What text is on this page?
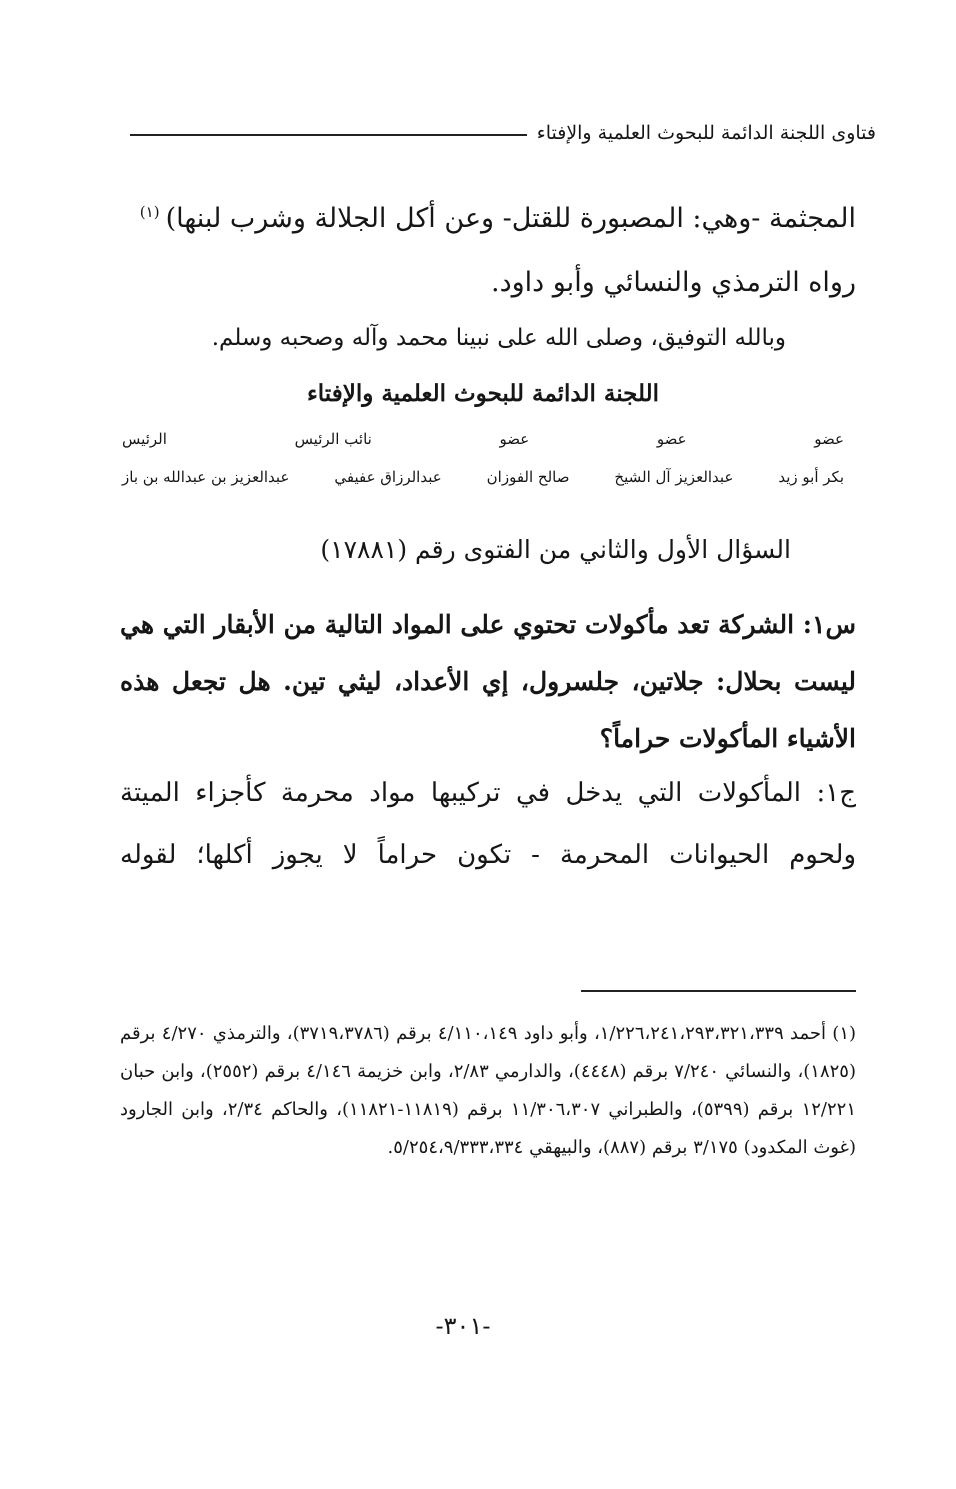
فتاوى اللجنة الدائمة للبحوث العلمية والإفتاء
المجثمة -وهي: المصبورة للقتل- وعن أكل الجلالة وشرب لبنها)$^{(١)}$
رواه الترمذي والنسائي وأبو داود.
وبالله التوفيق، وصلى الله على نبينا محمد وآله وصحبه وسلم.
اللجنة الدائمة للبحوث العلمية والإفتاء
عضو
عضو
عضو
نائب الرئيس
الرئيس
بكر أبو زيد
عبدالعزيز آل الشيخ
صالح الفوزان
عبدالرزاق عفيفي
عبدالعزيز بن عبدالله بن باز
السؤال الأول والثاني من الفتوى رقم (١٧٨٨١)
س١: الشركة تعد مأكولات تحتوي على المواد التالية من الأبقار التي هي ليست بحلال: جلاتين، جلسرول، إي الأعداد، ليثي تين. هل تجعل هذه الأشياء المأكولات حراماً؟
ج١: المأكولات التي يدخل في تركيبها مواد محرمة كأجزاء الميتة ولحوم الحيوانات المحرمة - تكون حراماً لا يجوز أكلها؛ لقوله
(١) أحمد ١/٢٢٦،٢٤١،٢٩٣،٣٢١،٣٣٩، وأبو داود ٤/١١٠،١٤٩ برقم (٣٧١٩،٣٧٨٦)، والترمذي ٤/٢٧٠ برقم (١٨٢٥)، والنسائي ٧/٢٤٠ برقم (٤٤٤٨)، والدارمي ٢/٨٣، وابن خزيمة ٤/١٤٦ برقم (٢٥٥٢)، وابن حبان ١٢/٢٢١ برقم (٥٣٩٩)، والطبراني ١١/٣٠٦،٣٠٧ برقم (١١٨١٩-١١٨٢١)، والحاكم ٢/٣٤، وابن الجارود (غوث المكدود) ٣/١٧٥ برقم (٨٨٧)، والبيهقي ٥/٢٥٤،٩/٣٣٣،٣٣٤.
-٣٠١-
